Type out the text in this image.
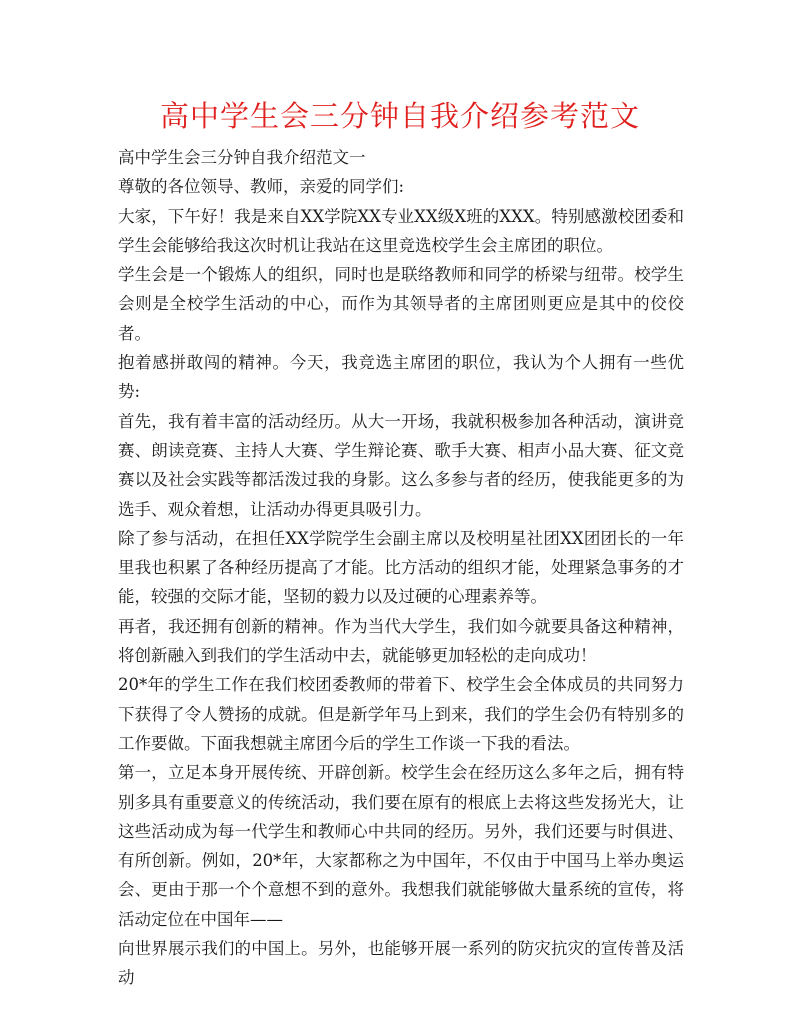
高中学生会三分钟自我介绍参考范文

高中学生会三分钟自我介绍范文一

尊敬的各位领导、教师，亲爱的同学们:

大家，下午好！我是来自XX学院XX专业XX级X班的XXX。特别感激校团委和学生会能够给我这次时机让我站在这里竞选校学生会主席团的职位。

学生会是一个锻炼人的组织，同时也是联络教师和同学的桥梁与纽带。校学生会则是全校学生活动的中心，而作为其领导者的主席团则更应是其中的佼佼者。

抱着感拼敢闯的精神。今天，我竞选主席团的职位，我认为个人拥有一些优势:

首先，我有着丰富的活动经历。从大一开场，我就积极参加各种活动，演讲竞赛、朗读竞赛、主持人大赛、学生辩论赛、歌手大赛、相声小品大赛、征文竞赛以及社会实践等都活泼过我的身影。这么多参与者的经历，使我能更多的为选手、观众着想，让活动办得更具吸引力。

除了参与活动，在担任XX学院学生会副主席以及校明星社团XX团团长的一年里我也积累了各种经历提高了才能。比方活动的组织才能，处理紧急事务的才能，较强的交际才能，坚韧的毅力以及过硬的心理素养等。

再者，我还拥有创新的精神。作为当代大学生，我们如今就要具备这种精神，将创新融入到我们的学生活动中去，就能够更加轻松的走向成功！

20*年的学生工作在我们校团委教师的带着下、校学生会全体成员的共同努力下获得了令人赞扬的成就。但是新学年马上到来，我们的学生会仍有特别多的工作要做。下面我想就主席团今后的学生工作谈一下我的看法。

第一，立足本身开展传统、开辟创新。校学生会在经历这么多年之后，拥有特别多具有重要意义的传统活动，我们要在原有的根底上去将这些发扬光大，让这些活动成为每一代学生和教师心中共同的经历。另外，我们还要与时俱进、有所创新。例如，20*年，大家都称之为中国年，不仅由于中国马上举办奥运会、更由于那一个个意想不到的意外。我想我们就能够做大量系统的宣传，将活动定位在中国年——

向世界展示我们的中国上。另外，也能够开展一系列的防灾抗灾的宣传普及活动
